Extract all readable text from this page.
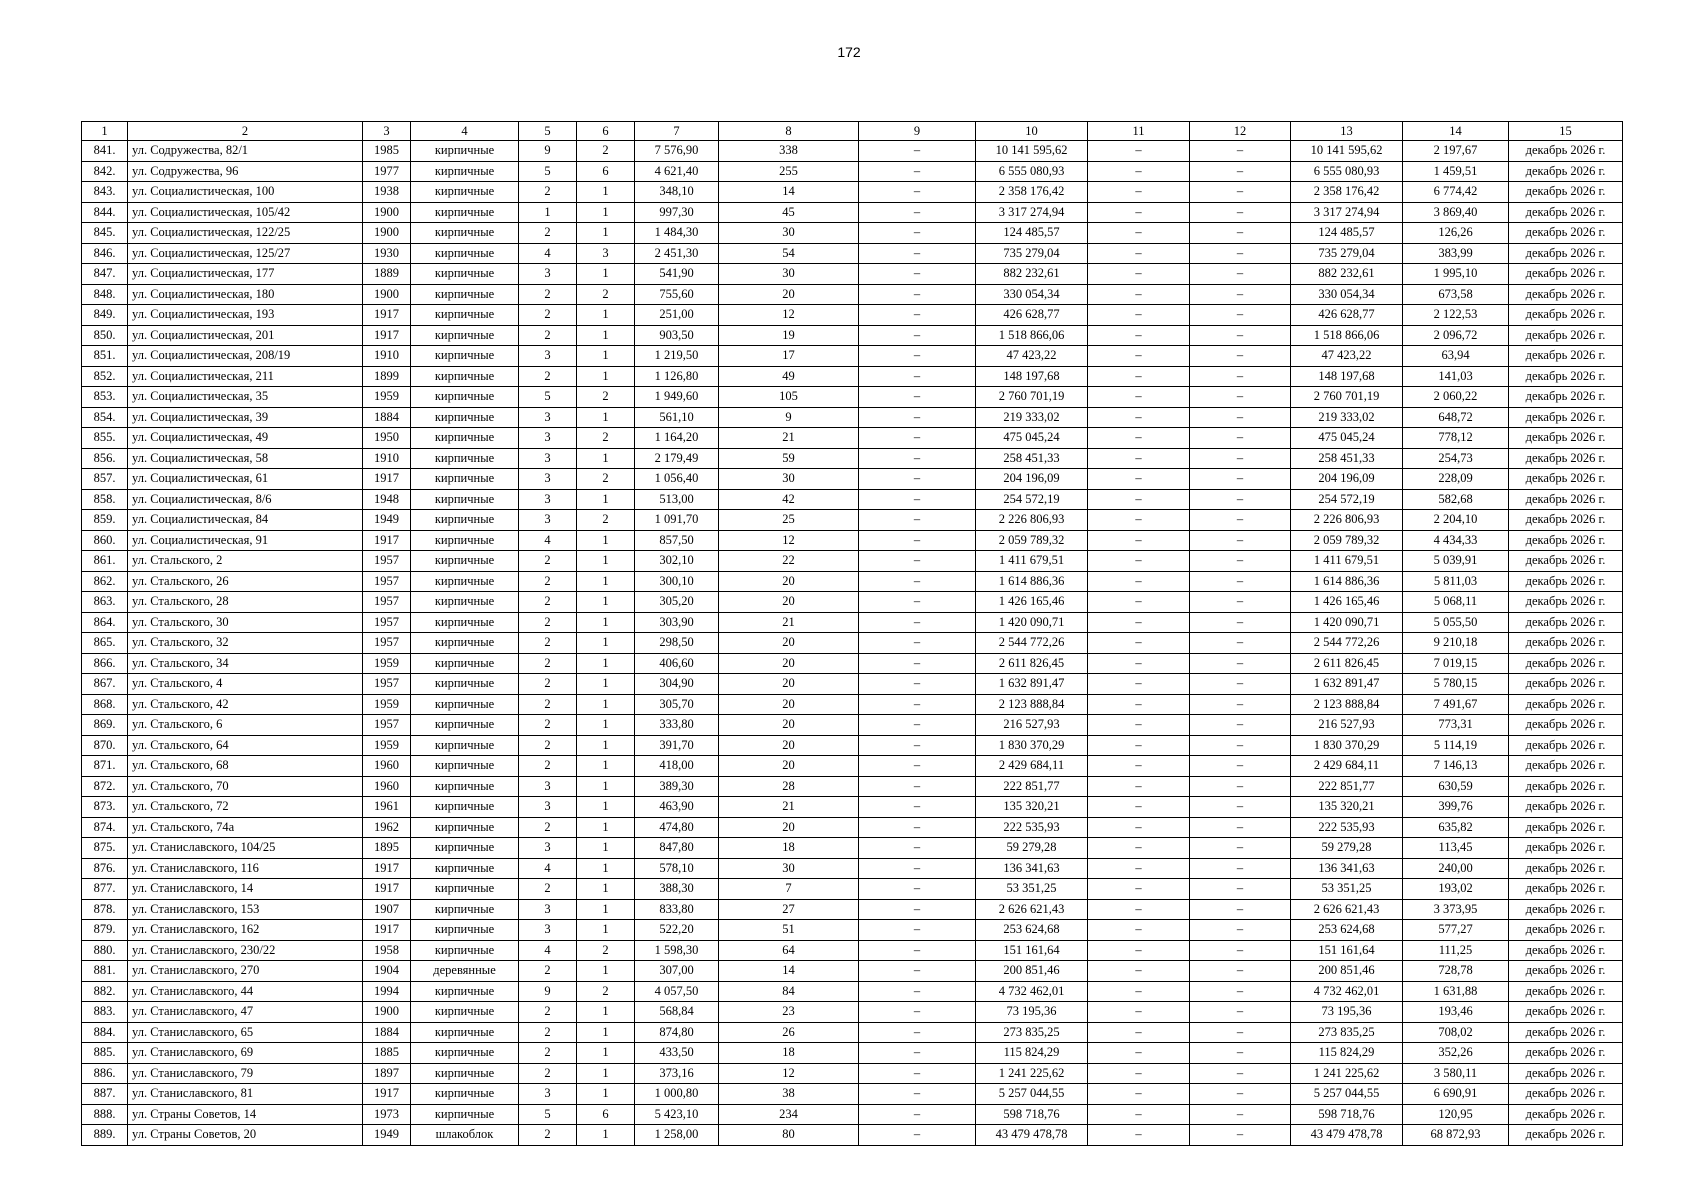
172
1	2	3	4	5	6	7	8	9	10	11	12	13	14	15
841.	ул. Содружества, 82/1	1985	кирпичные	9	2	7 576,90	338	–	10 141 595,62	–	–	10 141 595,62	2 197,67	декабрь 2026 г.
842.	ул. Содружества, 96	1977	кирпичные	5	6	4 621,40	255	–	6 555 080,93	–	–	6 555 080,93	1 459,51	декабрь 2026 г.
843.	ул. Социалистическая, 100	1938	кирпичные	2	1	348,10	14	–	2 358 176,42	–	–	2 358 176,42	6 774,42	декабрь 2026 г.
844.	ул. Социалистическая, 105/42	1900	кирпичные	1	1	997,30	45	–	3 317 274,94	–	–	3 317 274,94	3 869,40	декабрь 2026 г.
845.	ул. Социалистическая, 122/25	1900	кирпичные	2	1	1 484,30	30	–	124 485,57	–	–	124 485,57	126,26	декабрь 2026 г.
846.	ул. Социалистическая, 125/27	1930	кирпичные	4	3	2 451,30	54	–	735 279,04	–	–	735 279,04	383,99	декабрь 2026 г.
847.	ул. Социалистическая, 177	1889	кирпичные	3	1	541,90	30	–	882 232,61	–	–	882 232,61	1 995,10	декабрь 2026 г.
848.	ул. Социалистическая, 180	1900	кирпичные	2	2	755,60	20	–	330 054,34	–	–	330 054,34	673,58	декабрь 2026 г.
849.	ул. Социалистическая, 193	1917	кирпичные	2	1	251,00	12	–	426 628,77	–	–	426 628,77	2 122,53	декабрь 2026 г.
850.	ул. Социалистическая, 201	1917	кирпичные	2	1	903,50	19	–	1 518 866,06	–	–	1 518 866,06	2 096,72	декабрь 2026 г.
851.	ул. Социалистическая, 208/19	1910	кирпичные	3	1	1 219,50	17	–	47 423,22	–	–	47 423,22	63,94	декабрь 2026 г.
852.	ул. Социалистическая, 211	1899	кирпичные	2	1	1 126,80	49	–	148 197,68	–	–	148 197,68	141,03	декабрь 2026 г.
853.	ул. Социалистическая, 35	1959	кирпичные	5	2	1 949,60	105	–	2 760 701,19	–	–	2 760 701,19	2 060,22	декабрь 2026 г.
854.	ул. Социалистическая, 39	1884	кирпичные	3	1	561,10	9	–	219 333,02	–	–	219 333,02	648,72	декабрь 2026 г.
855.	ул. Социалистическая, 49	1950	кирпичные	3	2	1 164,20	21	–	475 045,24	–	–	475 045,24	778,12	декабрь 2026 г.
856.	ул. Социалистическая, 58	1910	кирпичные	3	1	2 179,49	59	–	258 451,33	–	–	258 451,33	254,73	декабрь 2026 г.
857.	ул. Социалистическая, 61	1917	кирпичные	3	2	1 056,40	30	–	204 196,09	–	–	204 196,09	228,09	декабрь 2026 г.
858.	ул. Социалистическая, 8/6	1948	кирпичные	3	1	513,00	42	–	254 572,19	–	–	254 572,19	582,68	декабрь 2026 г.
859.	ул. Социалистическая, 84	1949	кирпичные	3	2	1 091,70	25	–	2 226 806,93	–	–	2 226 806,93	2 204,10	декабрь 2026 г.
860.	ул. Социалистическая, 91	1917	кирпичные	4	1	857,50	12	–	2 059 789,32	–	–	2 059 789,32	4 434,33	декабрь 2026 г.
861.	ул. Стальского, 2	1957	кирпичные	2	1	302,10	22	–	1 411 679,51	–	–	1 411 679,51	5 039,91	декабрь 2026 г.
862.	ул. Стальского, 26	1957	кирпичные	2	1	300,10	20	–	1 614 886,36	–	–	1 614 886,36	5 811,03	декабрь 2026 г.
863.	ул. Стальского, 28	1957	кирпичные	2	1	305,20	20	–	1 426 165,46	–	–	1 426 165,46	5 068,11	декабрь 2026 г.
864.	ул. Стальского, 30	1957	кирпичные	2	1	303,90	21	–	1 420 090,71	–	–	1 420 090,71	5 055,50	декабрь 2026 г.
865.	ул. Стальского, 32	1957	кирпичные	2	1	298,50	20	–	2 544 772,26	–	–	2 544 772,26	9 210,18	декабрь 2026 г.
866.	ул. Стальского, 34	1959	кирпичные	2	1	406,60	20	–	2 611 826,45	–	–	2 611 826,45	7 019,15	декабрь 2026 г.
867.	ул. Стальского, 4	1957	кирпичные	2	1	304,90	20	–	1 632 891,47	–	–	1 632 891,47	5 780,15	декабрь 2026 г.
868.	ул. Стальского, 42	1959	кирпичные	2	1	305,70	20	–	2 123 888,84	–	–	2 123 888,84	7 491,67	декабрь 2026 г.
869.	ул. Стальского, 6	1957	кирпичные	2	1	333,80	20	–	216 527,93	–	–	216 527,93	773,31	декабрь 2026 г.
870.	ул. Стальского, 64	1959	кирпичные	2	1	391,70	20	–	1 830 370,29	–	–	1 830 370,29	5 114,19	декабрь 2026 г.
871.	ул. Стальского, 68	1960	кирпичные	2	1	418,00	20	–	2 429 684,11	–	–	2 429 684,11	7 146,13	декабрь 2026 г.
872.	ул. Стальского, 70	1960	кирпичные	3	1	389,30	28	–	222 851,77	–	–	222 851,77	630,59	декабрь 2026 г.
873.	ул. Стальского, 72	1961	кирпичные	3	1	463,90	21	–	135 320,21	–	–	135 320,21	399,76	декабрь 2026 г.
874.	ул. Стальского, 74а	1962	кирпичные	2	1	474,80	20	–	222 535,93	–	–	222 535,93	635,82	декабрь 2026 г.
875.	ул. Станиславского, 104/25	1895	кирпичные	3	1	847,80	18	–	59 279,28	–	–	59 279,28	113,45	декабрь 2026 г.
876.	ул. Станиславского, 116	1917	кирпичные	4	1	578,10	30	–	136 341,63	–	–	136 341,63	240,00	декабрь 2026 г.
877.	ул. Станиславского, 14	1917	кирпичные	2	1	388,30	7	–	53 351,25	–	–	53 351,25	193,02	декабрь 2026 г.
878.	ул. Станиславского, 153	1907	кирпичные	3	1	833,80	27	–	2 626 621,43	–	–	2 626 621,43	3 373,95	декабрь 2026 г.
879.	ул. Станиславского, 162	1917	кирпичные	3	1	522,20	51	–	253 624,68	–	–	253 624,68	577,27	декабрь 2026 г.
880.	ул. Станиславского, 230/22	1958	кирпичные	4	2	1 598,30	64	–	151 161,64	–	–	151 161,64	111,25	декабрь 2026 г.
881.	ул. Станиславского, 270	1904	деревянные	2	1	307,00	14	–	200 851,46	–	–	200 851,46	728,78	декабрь 2026 г.
882.	ул. Станиславского, 44	1994	кирпичные	9	2	4 057,50	84	–	4 732 462,01	–	–	4 732 462,01	1 631,88	декабрь 2026 г.
883.	ул. Станиславского, 47	1900	кирпичные	2	1	568,84	23	–	73 195,36	–	–	73 195,36	193,46	декабрь 2026 г.
884.	ул. Станиславского, 65	1884	кирпичные	2	1	874,80	26	–	273 835,25	–	–	273 835,25	708,02	декабрь 2026 г.
885.	ул. Станиславского, 69	1885	кирпичные	2	1	433,50	18	–	115 824,29	–	–	115 824,29	352,26	декабрь 2026 г.
886.	ул. Станиславского, 79	1897	кирпичные	2	1	373,16	12	–	1 241 225,62	–	–	1 241 225,62	3 580,11	декабрь 2026 г.
887.	ул. Станиславского, 81	1917	кирпичные	3	1	1 000,80	38	–	5 257 044,55	–	–	5 257 044,55	6 690,91	декабрь 2026 г.
888.	ул. Страны Советов, 14	1973	кирпичные	5	6	5 423,10	234	–	598 718,76	–	–	598 718,76	120,95	декабрь 2026 г.
889.	ул. Страны Советов, 20	1949	шлакоблок	2	1	1 258,00	80	–	43 479 478,78	–	–	43 479 478,78	68 872,93	декабрь 2026 г.
